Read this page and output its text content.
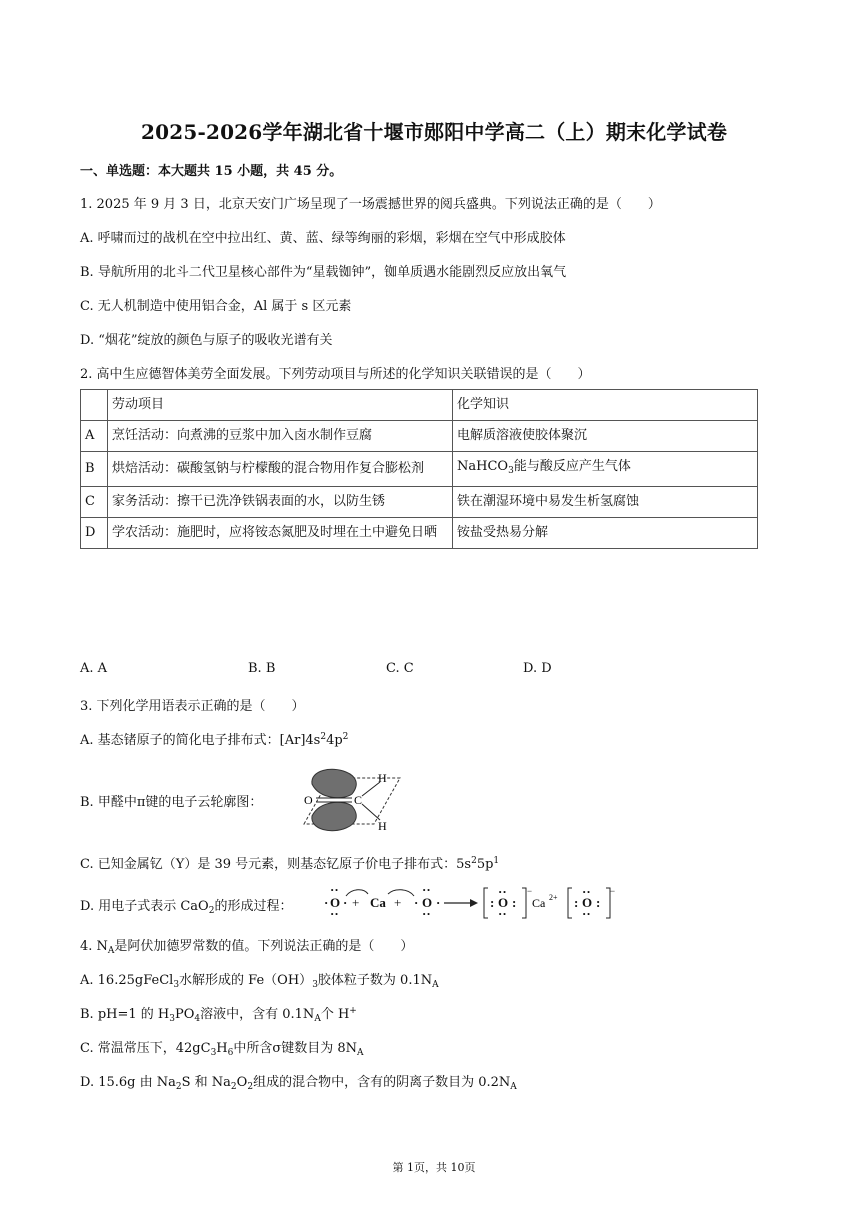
2025-2026学年湖北省十堰市郧阳中学高二（上）期末化学试卷
一、单选题：本大题共 15 小题，共 45 分。
1. 2025 年 9 月 3 日，北京天安门广场呈现了一场震撼世界的阅兵盛典。下列说法正确的是（　　）
A. 呼啸而过的战机在空中拉出红、黄、蓝、绿等绚丽的彩烟，彩烟在空气中形成胶体
B. 导航所用的北斗二代卫星核心部件为“星载铷钟”，铷单质遇水能剧烈反应放出氧气
C. 无人机制造中使用铝合金，Al 属于 s 区元素
D. “烟花”绽放的颜色与原子的吸收光谱有关
2. 高中生应德智体美劳全面发展。下列劳动项目与所述的化学知识关联错误的是（　　）
	劳动项目	化学知识
A	烹饪活动：向煮沸的豆浆中加入卤水制作豆腐	电解质溶液使胶体聚沉
B	烘焙活动：碳酸氢钠与柠檬酸的混合物用作复合膨松剂	NaHCO$_3$能与酸反应产生气体
C	家务活动：擦干已洗净铁锅表面的水，以防生锈	铁在潮湿环境中易发生析氢腐蚀
D	学农活动：施肥时，应将铵态氮肥及时埋在土中避免日晒	铵盐受热易分解
A. A	B. B	C. C	D. D
3. 下列化学用语表示正确的是（　　）
A. 基态锗原子的简化电子排布式：$[Ar]4s^24p^2$
B. 甲醛中π键的电子云轮廓图：	O	C
H
H
C. 已知金属钇（Y）是 39 号元素，则基态钇原子价电子排布式：$5s^25p^1$
D. 用电子式表示 CaO$_2$的形成过程： · O ·
··
··
+ Ca + O
··
··
· ·	: O :
··
··
−
Ca 2+ : O :
··
··
−
4. $N_A$是阿伏加德罗常数的值。下列说法正确的是（　　）
A. 16.25gFeCl$_3$水解形成的 $Fe(OH)_3$胶体粒子数为 $0.1N_A$
B. pH=1 的 $H_3PO_4$溶液中，含有 $0.1N_A$个 H+
C. 常温常压下，$42gC_3H_6$中所含σ键数目为 $8N_A$
D. 15.6g 由 $Na_2S$ 和 $Na_2O_2$组成的混合物中，含有的阴离子数目为 $0.2N_A$
第 1页，共 10页
